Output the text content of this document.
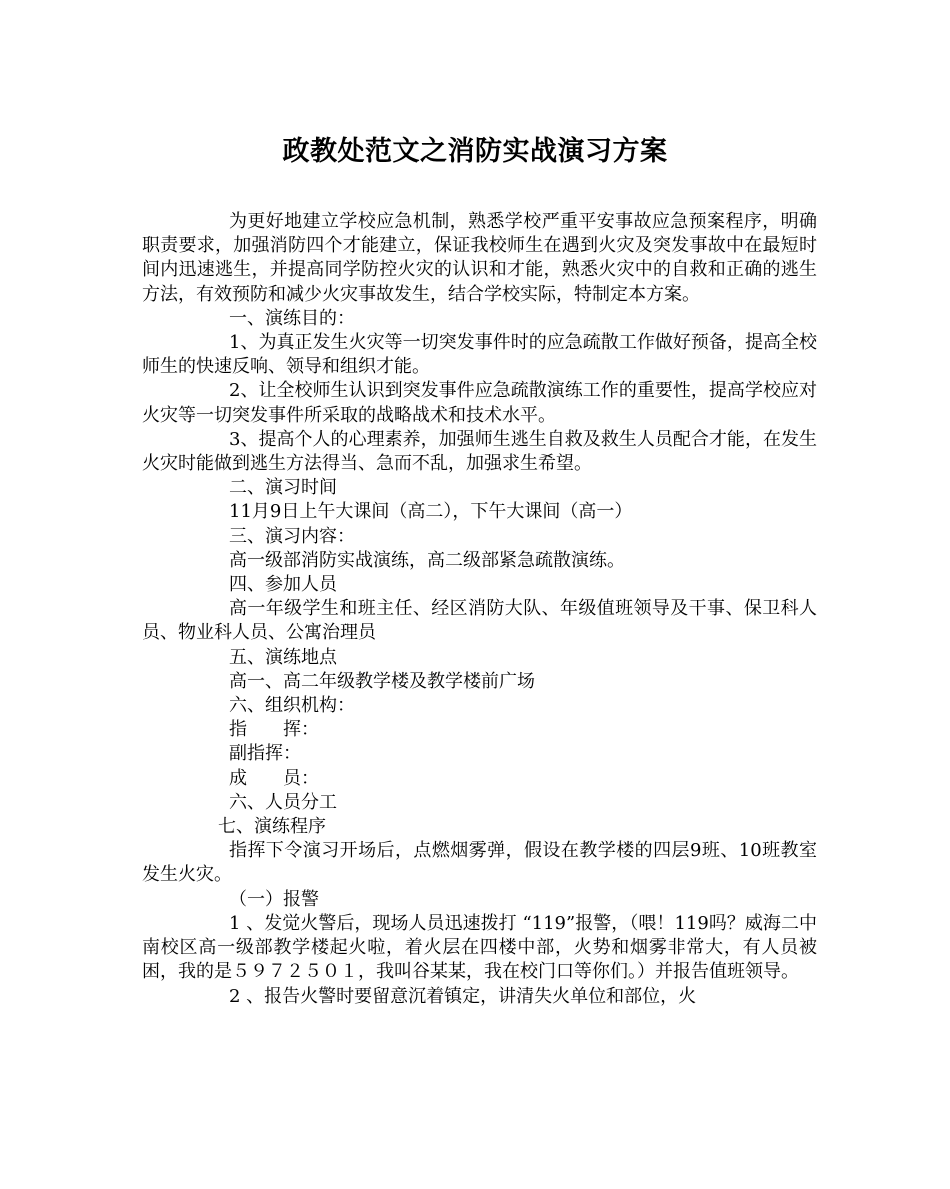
政教处范文之消防实战演习方案

为更好地建立学校应急机制，熟悉学校严重平安事故应急预案程序，明确职责要求，加强消防四个才能建立，保证我校师生在遇到火灾及突发事故中在最短时间内迅速逃生，并提高同学防控火灾的认识和才能，熟悉火灾中的自救和正确的逃生方法，有效预防和减少火灾事故发生，结合学校实际，特制定本方案。

一、演练目的：

1、为真正发生火灾等一切突发事件时的应急疏散工作做好预备，提高全校师生的快速反响、领导和组织才能。

2、让全校师生认识到突发事件应急疏散演练工作的重要性，提高学校应对火灾等一切突发事件所采取的战略战术和技术水平。

3、提高个人的心理素养，加强师生逃生自救及救生人员配合才能，在发生火灾时能做到逃生方法得当、急而不乱，加强求生希望。

二、演习时间

11月9日上午大课间（高二），下午大课间（高一）

三、演习内容：

高一级部消防实战演练，高二级部紧急疏散演练。

四、参加人员

高一年级学生和班主任、经区消防大队、年级值班领导及干事、保卫科人员、物业科人员、公寓治理员

五、演练地点

高一、高二年级教学楼及教学楼前广场

六、组织机构：

指　　挥：

副指挥：

成　　员：

六、人员分工

七、演练程序

指挥下令演习开场后，点燃烟雾弹，假设在教学楼的四层9班、10班教室发生火灾。

（一）报警

1 、发觉火警后，现场人员迅速拨打 “119”报警，（喂！119吗？威海二中南校区高一级部教学楼起火啦，着火层在四楼中部，火势和烟雾非常大，有人员被困，我的是５９７２５０１，我叫谷某某，我在校门口等你们。）并报告值班领导。

2 、报告火警时要留意沉着镇定，讲清失火单位和部位，火
